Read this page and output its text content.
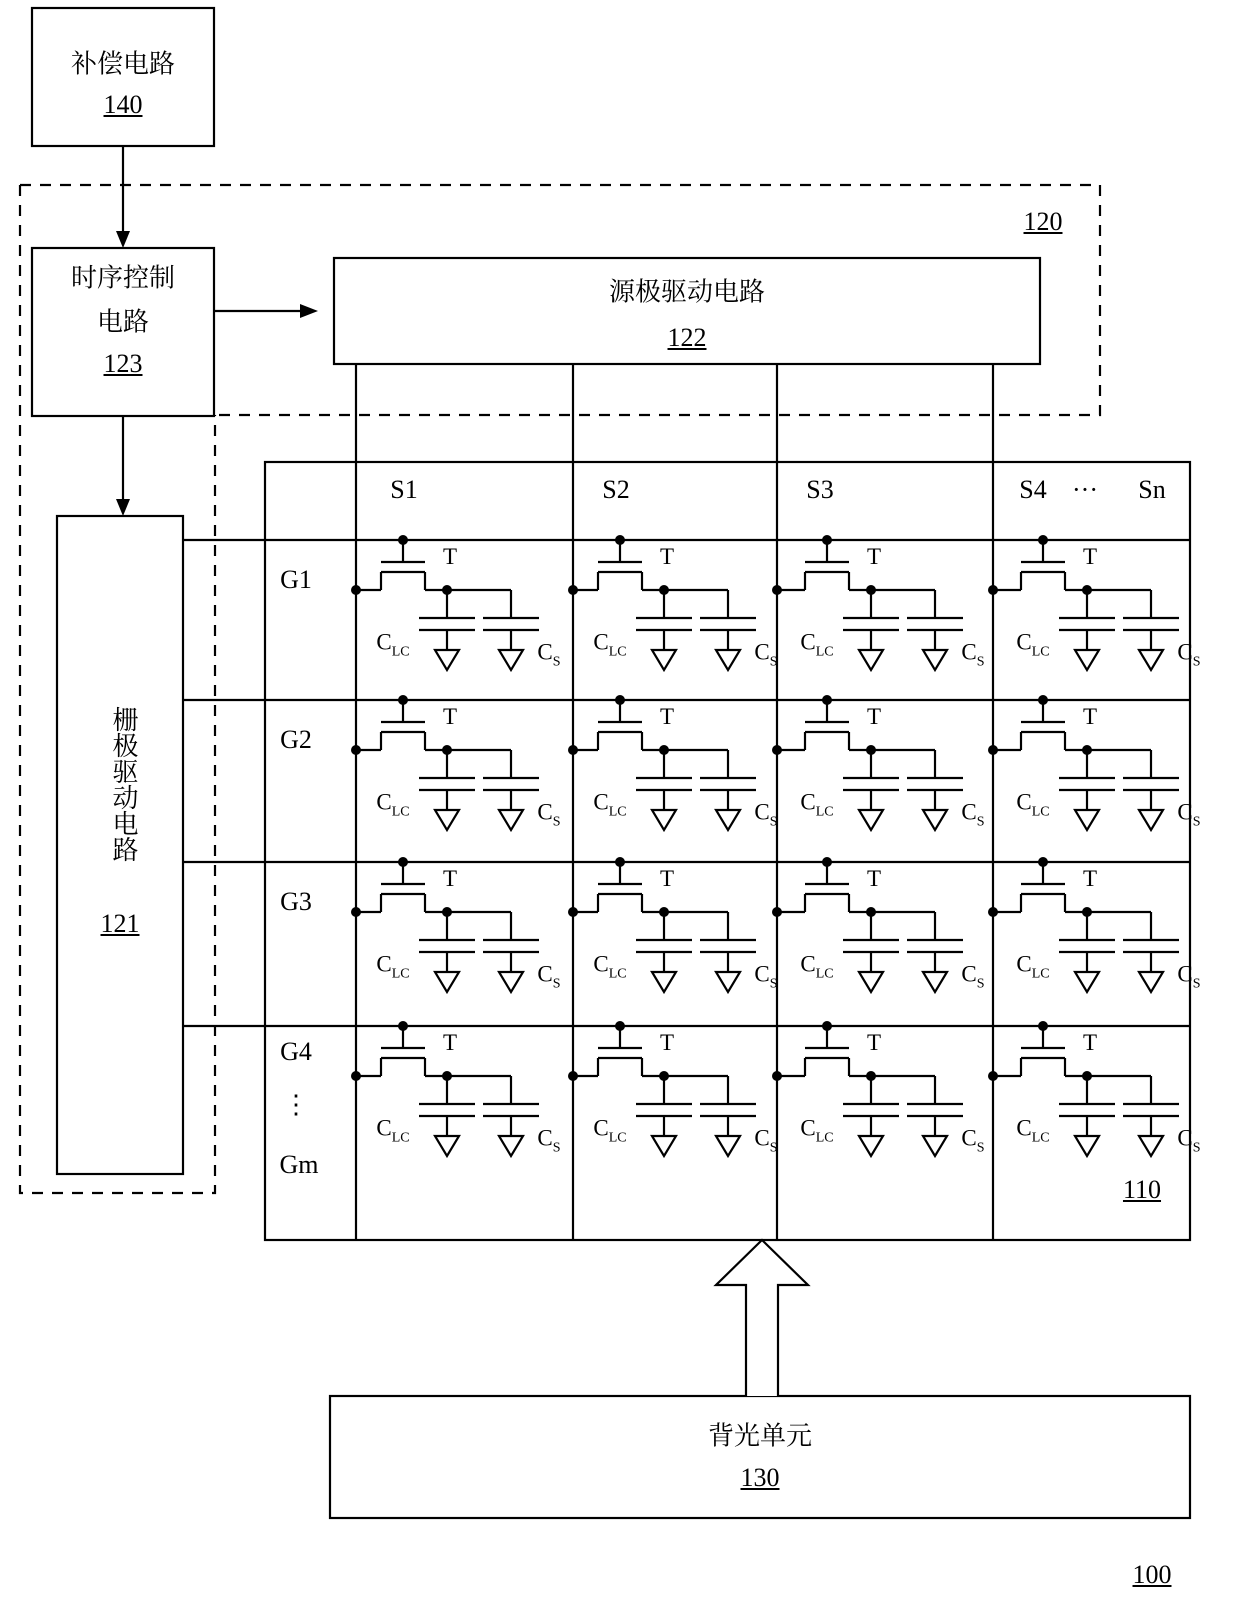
补偿电路
140
时序控制
电路
123
源极驱动电路
122
栅极驱动电路
121
120
110
背光单元
130
100
S1	S2	S3	S4 ··· Sn
G1
G2
G3
G4
⋮
Gm
T	T	T	T
T	T	T	T
T	T	T	T
T	T	T	T
$C_{LC}$	$C_{LC}$	$C_{LC}$	$C_{LC}$
$C_{LC}$	$C_{LC}$	$C_{LC}$	$C_{LC}$
$C_{LC}$	$C_{LC}$	$C_{LC}$	$C_{LC}$
$C_{LC}$	$C_{LC}$	$C_{LC}$	$C_{LC}$
$C_S$	$C_S$	$C_S$	$C_S$
$C_S$	$C_S$	$C_S$	$C_S$
$C_S$	$C_S$	$C_S$	$C_S$
$C_S$	$C_S$	$C_S$	$C_S$
